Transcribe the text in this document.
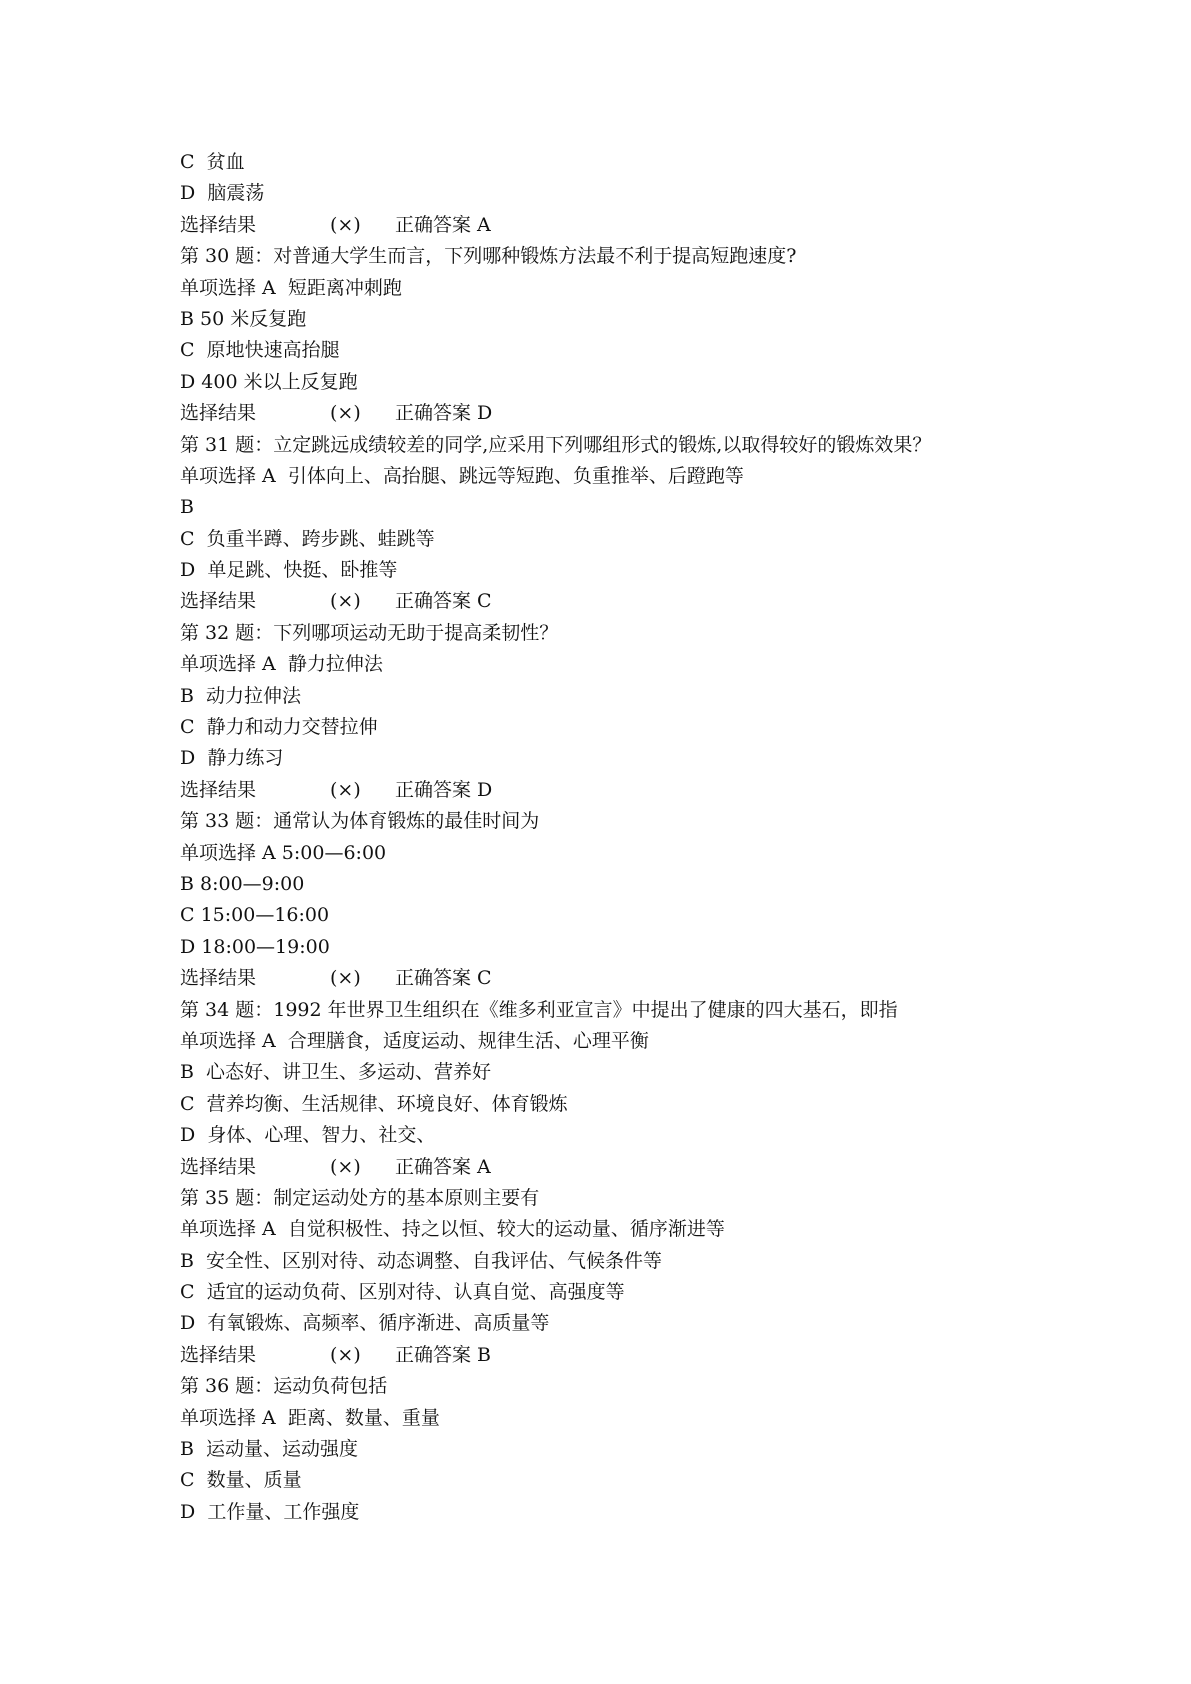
C  贫血
D  脑震荡
选择结果	(×) 正确答案 A
第 30 题：对普通大学生而言，下列哪种锻炼方法最不利于提高短跑速度?
单项选择 A  短距离冲刺跑
B 50 米反复跑
C  原地快速高抬腿
D 400 米以上反复跑
选择结果	(×) 正确答案 D
第 31 题：立定跳远成绩较差的同学,应采用下列哪组形式的锻炼,以取得较好的锻炼效果？
单项选择 A  引体向上、高抬腿、跳远等短跑、负重推举、后蹬跑等
B
C  负重半蹲、跨步跳、蛙跳等
D  单足跳、快挺、卧推等
选择结果	(×) 正确答案 C
第 32 题：下列哪项运动无助于提高柔韧性？
单项选择 A  静力拉伸法
B  动力拉伸法
C  静力和动力交替拉伸
D  静力练习
选择结果	(×) 正确答案 D
第 33 题：通常认为体育锻炼的最佳时间为
单项选择 A 5:00—6:00
B 8:00—9:00
C 15:00—16:00
D 18:00—19:00
选择结果	(×) 正确答案 C
第 34 题：1992 年世界卫生组织在《维多利亚宣言》中提出了健康的四大基石，即指
单项选择 A  合理膳食，适度运动、规律生活、心理平衡
B  心态好、讲卫生、多运动、营养好
C  营养均衡、生活规律、环境良好、体育锻炼
D  身体、心理、智力、社交、
选择结果	(×) 正确答案 A
第 35 题：制定运动处方的基本原则主要有
单项选择 A  自觉积极性、持之以恒、较大的运动量、循序渐进等
B  安全性、区别对待、动态调整、自我评估、气候条件等
C  适宜的运动负荷、区别对待、认真自觉、高强度等
D  有氧锻炼、高频率、循序渐进、高质量等
选择结果	(×) 正确答案 B
第 36 题：运动负荷包括
单项选择 A  距离、数量、重量
B  运动量、运动强度
C  数量、质量
D  工作量、工作强度
